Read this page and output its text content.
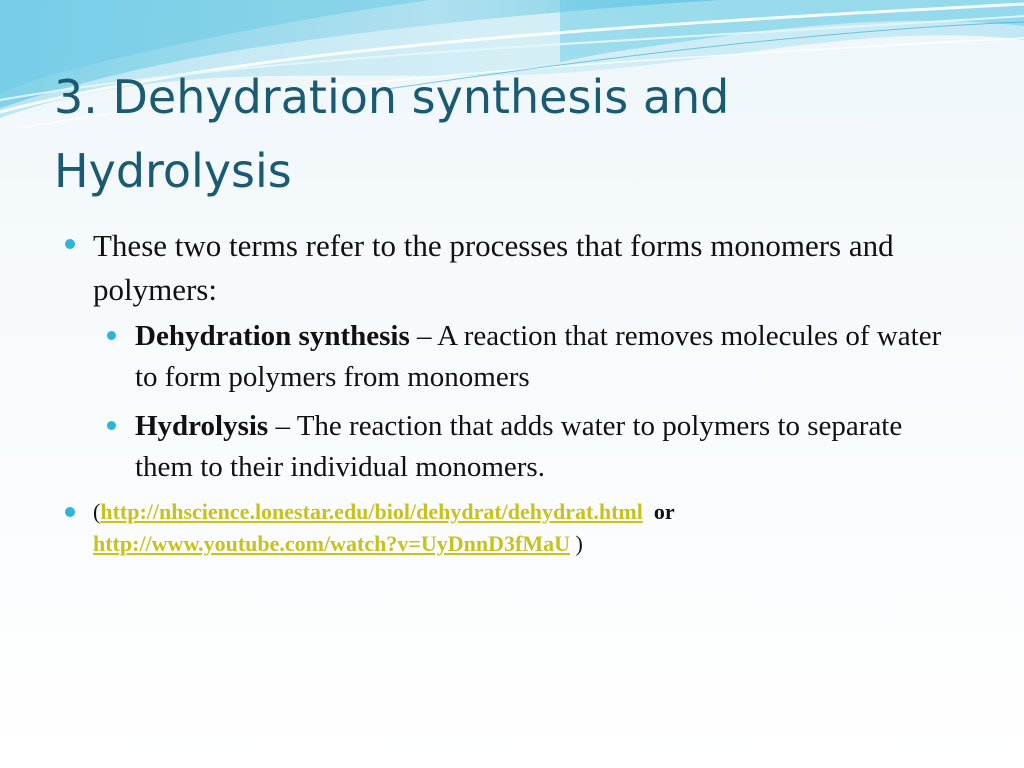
3. Dehydration synthesis and
Hydrolysis
These two terms refer to the processes that forms monomers and polymers:
Dehydration synthesis – A reaction that removes molecules of water to form polymers from monomers
Hydrolysis – The reaction that adds water to polymers to separate them to their individual monomers.
(http://nhscience.lonestar.edu/biol/dehydrat/dehydrat.html or
http://www.youtube.com/watch?v=UyDnnD3fMaU )
